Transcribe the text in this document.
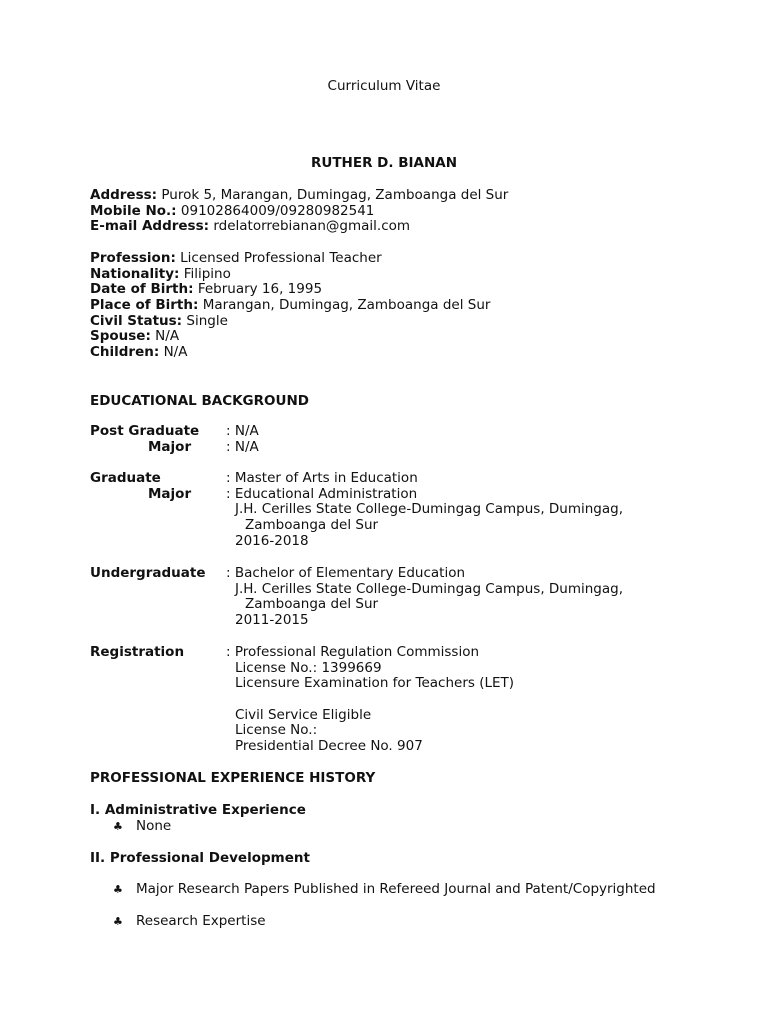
Curriculum Vitae
RUTHER D. BIANAN
Address: Purok 5, Marangan, Dumingag, Zamboanga del Sur
Mobile No.: 09102864009/09280982541
E-mail Address: rdelatorrebianan@gmail.com
Profession: Licensed Professional Teacher
Nationality: Filipino
Date of Birth: February 16, 1995
Place of Birth: Marangan, Dumingag, Zamboanga del Sur
Civil Status: Single
Spouse: N/A
Children: N/A
EDUCATIONAL BACKGROUND
Post Graduate : N/A
Major	: N/A
Graduate	: Master of Arts in Education
Major	: Educational Administration
J.H. Cerilles State College-Dumingag Campus, Dumingag,
Zamboanga del Sur
2016-2018
Undergraduate : Bachelor of Elementary Education
J.H. Cerilles State College-Dumingag Campus, Dumingag,
Zamboanga del Sur
2011-2015
Registration	: Professional Regulation Commission
License No.: 1399669
Licensure Examination for Teachers (LET)
Civil Service Eligible
License No.:
Presidential Decree No. 907
PROFESSIONAL EXPERIENCE HISTORY
I. Administrative Experience
♣ None
II. Professional Development
♣ Major Research Papers Published in Refereed Journal and Patent/Copyrighted
♣ Research Expertise
